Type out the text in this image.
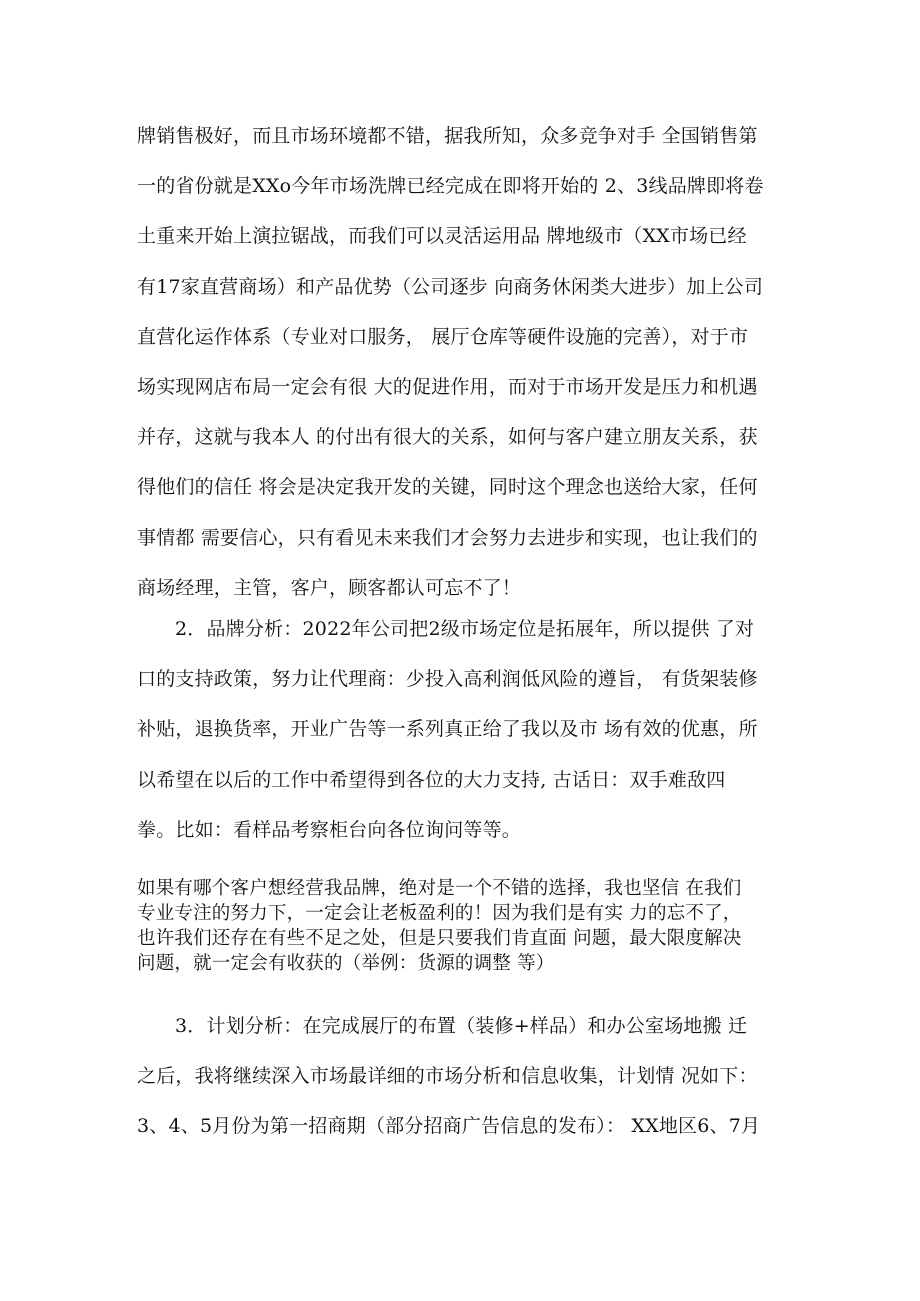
牌销售极好，而且市场环境都不错，据我所知，众多竞争对手 全国销售第
一的省份就是XXo今年市场洗牌已经完成在即将开始的 2、3线品牌即将卷
土重来开始上演拉锯战，而我们可以灵活运用品 牌地级市（XX市场已经
有17家直营商场）和产品优势（公司逐步 向商务休闲类大进步）加上公司
直营化运作体系（专业对口服务， 展厅仓库等硬件设施的完善），对于市
场实现网店布局一定会有很 大的促进作用，而对于市场开发是压力和机遇
并存，这就与我本人 的付出有很大的关系，如何与客户建立朋友关系，获
得他们的信任 将会是决定我开发的关键，同时这个理念也送给大家，任何
事情都 需要信心，只有看见未来我们才会努力去进步和实现，也让我们的
商场经理，主管，客户，顾客都认可忘不了！
2．品牌分析：2022年公司把2级市场定位是拓展年，所以提供 了对
口的支持政策，努力让代理商：少投入高利润低风险的遵旨， 有货架装修
补贴，退换货率，开业广告等一系列真正给了我以及市 场有效的优惠，所
以希望在以后的工作中希望得到各位的大力支持, 古话日：双手难敌四
拳。比如：看样品考察柜台向各位询问等等。
如果有哪个客户想经营我品牌，绝对是一个不错的选择，我也坚信 在我们
专业专注的努力下，一定会让老板盈利的！因为我们是有实 力的忘不了，
也许我们还存在有些不足之处，但是只要我们肯直面 问题，最大限度解决
问题，就一定会有收获的（举例：货源的调整 等）
3．计划分析：在完成展厅的布置（装修+样品）和办公室场地搬 迁
之后，我将继续深入市场最详细的市场分析和信息收集，计划情 况如下：
3、4、5月份为第一招商期（部分招商广告信息的发布）： XX地区6、7月
